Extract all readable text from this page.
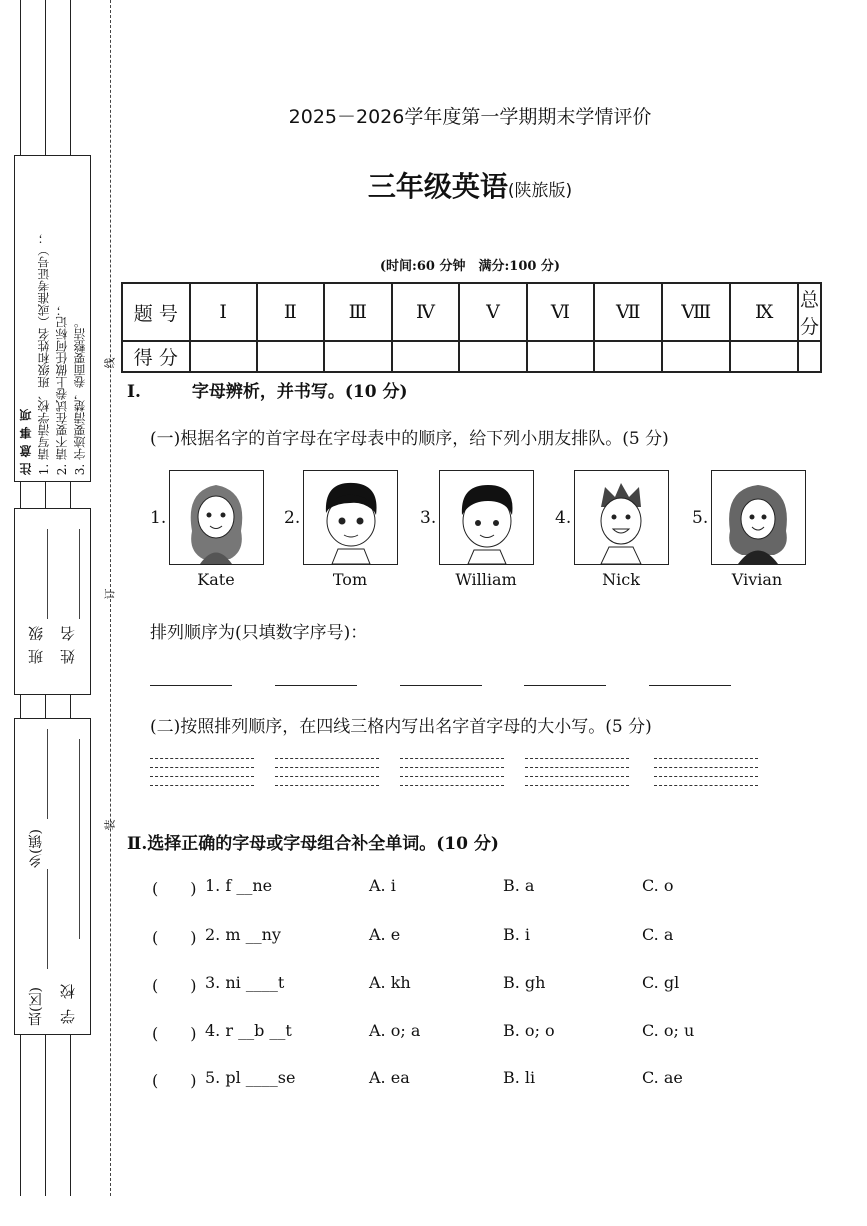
注意事项 1. 请写清学校、班级和姓名（或准考证号）； 2. 请不要在试卷上做任何标记； 3. 字迹要清楚，卷面要整洁。
班级 姓名
县(区)
乡(镇)
学校
线
订
装
2025－2026学年度第一学期期末学情评价
三年级英语(陕旅版)
(时间:60 分钟　满分:100 分)
题 号	Ⅰ	Ⅱ	Ⅲ	Ⅳ	Ⅴ	Ⅵ	Ⅶ	Ⅷ	Ⅸ	总 分
得 分										
Ⅰ.　　　字母辨析，并书写。(10 分)
(一)根据名字的首字母在字母表中的顺序，给下列小朋友排队。(5 分)
1.
Kate
2.
Tom
3.
William
4.
Nick
5.
Vivian
排列顺序为(只填数字序号)：
(二)按照排列顺序，在四线三格内写出名字首字母的大小写。(5 分)
Ⅱ.选择正确的字母或字母组合补全单词。(10 分)
(　　) 1. f __ne	A. i	B. a	C. o
(　　) 2. m __ny	A. e	B. i	C. a
(　　) 3. ni ____t	A. kh	B. gh	C. gl
(　　) 4. r __b __t	A. o; a	B. o; o	C. o; u
(　　) 5. pl ____se	A. ea	B. li	C. ae
